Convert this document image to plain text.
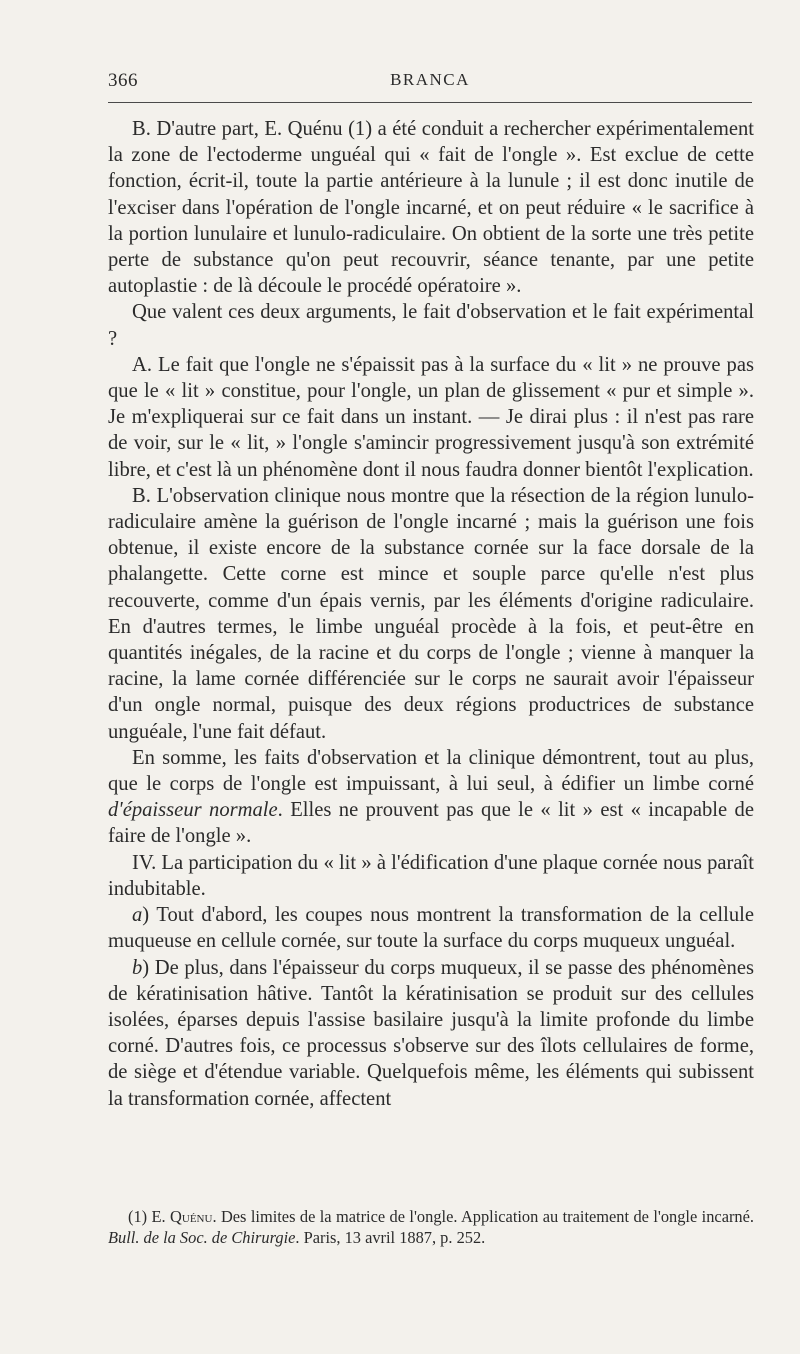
366	BRANCA

B. D'autre part, E. Quénu (1) a été conduit a rechercher expérimentalement la zone de l'ectoderme unguéal qui « fait de l'ongle ». Est exclue de cette fonction, écrit-il, toute la partie antérieure à la lunule ; il est donc inutile de l'exciser dans l'opération de l'ongle incarné, et on peut réduire « le sacrifice à la portion lunulaire et lunulo-radiculaire. On obtient de la sorte une très petite perte de substance qu'on peut recouvrir, séance tenante, par une petite autoplastie : de là découle le procédé opératoire ».

Que valent ces deux arguments, le fait d'observation et le fait expérimental ?

A. Le fait que l'ongle ne s'épaissit pas à la surface du « lit » ne prouve pas que le « lit » constitue, pour l'ongle, un plan de glissement « pur et simple ». Je m'expliquerai sur ce fait dans un instant. — Je dirai plus : il n'est pas rare de voir, sur le « lit, » l'ongle s'amincir progressivement jusqu'à son extrémité libre, et c'est là un phénomène dont il nous faudra donner bientôt l'explication.

B. L'observation clinique nous montre que la résection de la région lunulo-radiculaire amène la guérison de l'ongle incarné ; mais la guérison une fois obtenue, il existe encore de la substance cornée sur la face dorsale de la phalangette. Cette corne est mince et souple parce qu'elle n'est plus recouverte, comme d'un épais vernis, par les éléments d'origine radiculaire. En d'autres termes, le limbe unguéal procède à la fois, et peut-être en quantités inégales, de la racine et du corps de l'ongle ; vienne à manquer la racine, la lame cornée différenciée sur le corps ne saurait avoir l'épaisseur d'un ongle normal, puisque des deux régions productrices de substance unguéale, l'une fait défaut.

En somme, les faits d'observation et la clinique démontrent, tout au plus, que le corps de l'ongle est impuissant, à lui seul, à édifier un limbe corné d'épaisseur normale. Elles ne prouvent pas que le « lit » est « incapable de faire de l'ongle ».

IV. La participation du « lit » à l'édification d'une plaque cornée nous paraît indubitable.

a) Tout d'abord, les coupes nous montrent la transformation de la cellule muqueuse en cellule cornée, sur toute la surface du corps muqueux unguéal.

b) De plus, dans l'épaisseur du corps muqueux, il se passe des phénomènes de kératinisation hâtive. Tantôt la kératinisation se produit sur des cellules isolées, éparses depuis l'assise basilaire jusqu'à la limite profonde du limbe corné. D'autres fois, ce processus s'observe sur des îlots cellulaires de forme, de siège et d'étendue variable. Quelquefois même, les éléments qui subissent la transformation cornée, affectent

(1) E. Quénu. Des limites de la matrice de l'ongle. Application au traitement de l'ongle incarné. Bull. de la Soc. de Chirurgie. Paris, 13 avril 1887, p. 252.
